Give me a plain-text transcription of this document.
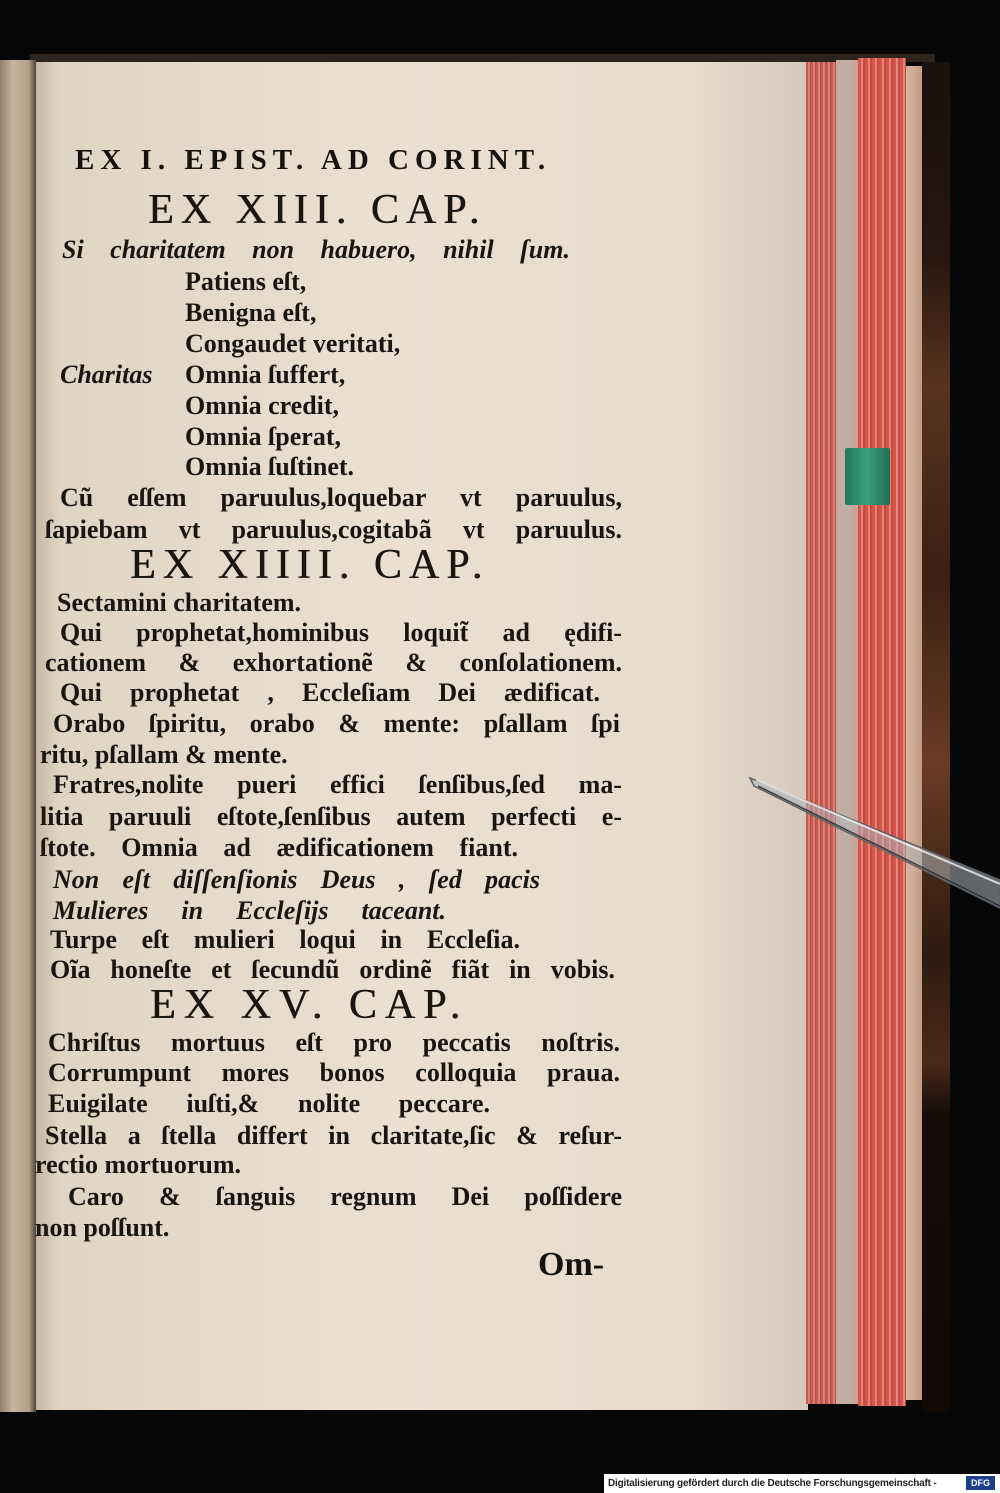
EX I. EPIST. AD CORINT.
EX XIII. CAP.
Si charitatem non habuero, nihil ſum.
Patiens eſt,
Benigna eſt,
Congaudet veritati,
Charitas Omnia ſuffert,
Omnia credit,
Omnia ſperat,
Omnia ſuſtinet.
Cũ eſſem paruulus,loquebar vt paruulus,
ſapiebam vt paruulus,cogitabã vt paruulus.
EX XIIII. CAP.
Sectamini charitatem.
Qui prophetat,hominibus loquit̃ ad ędifi-
cationem & exhortationẽ & conſolationem.
Qui prophetat , Eccleſiam Dei ædificat.
Orabo ſpiritu, orabo & mente: pſallam ſpi
ritu, pſallam & mente.
Fratres,nolite pueri effici ſenſibus,ſed ma-
litia paruuli eſtote,ſenſibus autem perfecti e-
ſtote. Omnia ad ædificationem fiant.
Non eſt diſſenſionis Deus , ſed pacis
Mulieres in Eccleſijs taceant.
Turpe eſt mulieri loqui in Eccleſia.
Oĩa honeſte et ſecundũ ordinẽ fiãt in vobis.
EX XV. CAP.
Chriſtus mortuus eſt pro peccatis noſtris.
Corrumpunt mores bonos colloquia praua.
Euigilate iuſti,& nolite peccare.
Stella a ſtella differt in claritate,ſic & reſur-
rectio mortuorum.
Caro & ſanguis regnum Dei poſſidere
non poſſunt.
Om-
Digitalisierung gefördert durch die Deutsche Forschungsgemeinschaft -	DFG
